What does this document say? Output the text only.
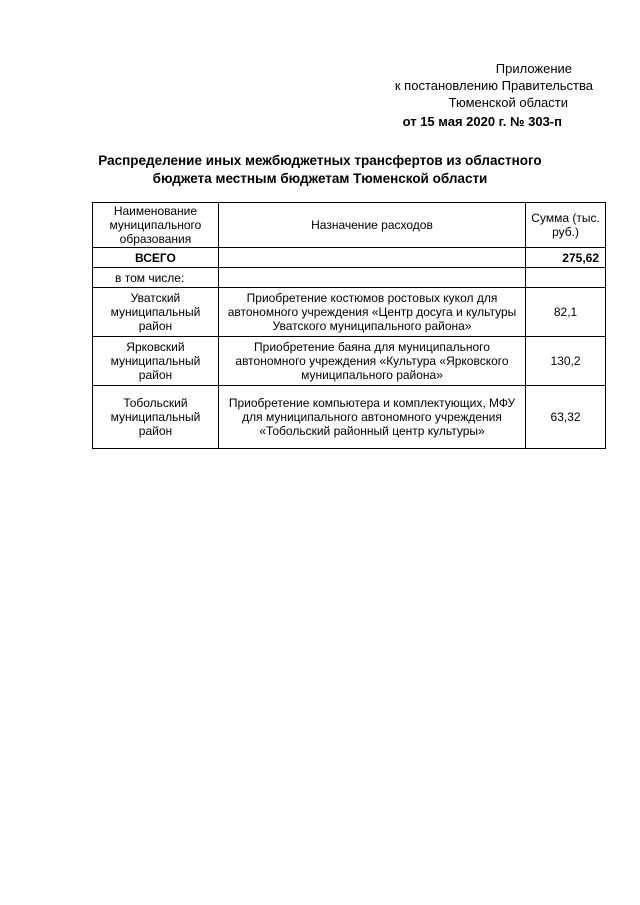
Приложение
к постановлению Правительства
Тюменской области
от 15 мая 2020 г. № 303-п
Распределение иных межбюджетных трансфертов из областного
бюджета местным бюджетам Тюменской области
Наименование муниципального образования	Назначение расходов	Сумма (тыс. руб.)
ВСЕГО		275,62
в том числе:		
Уватский муниципальный район	Приобретение костюмов ростовых кукол для автономного учреждения «Центр досуга и культуры Уватского муниципального района»	82,1
Ярковский муниципальный район	Приобретение баяна для муниципального автономного учреждения «Культура «Ярковского муниципального района»	130,2
Тобольский муниципальный район	Приобретение компьютера и комплектующих, МФУ для муниципального автономного учреждения «Тобольский районный центр культуры»	63,32
